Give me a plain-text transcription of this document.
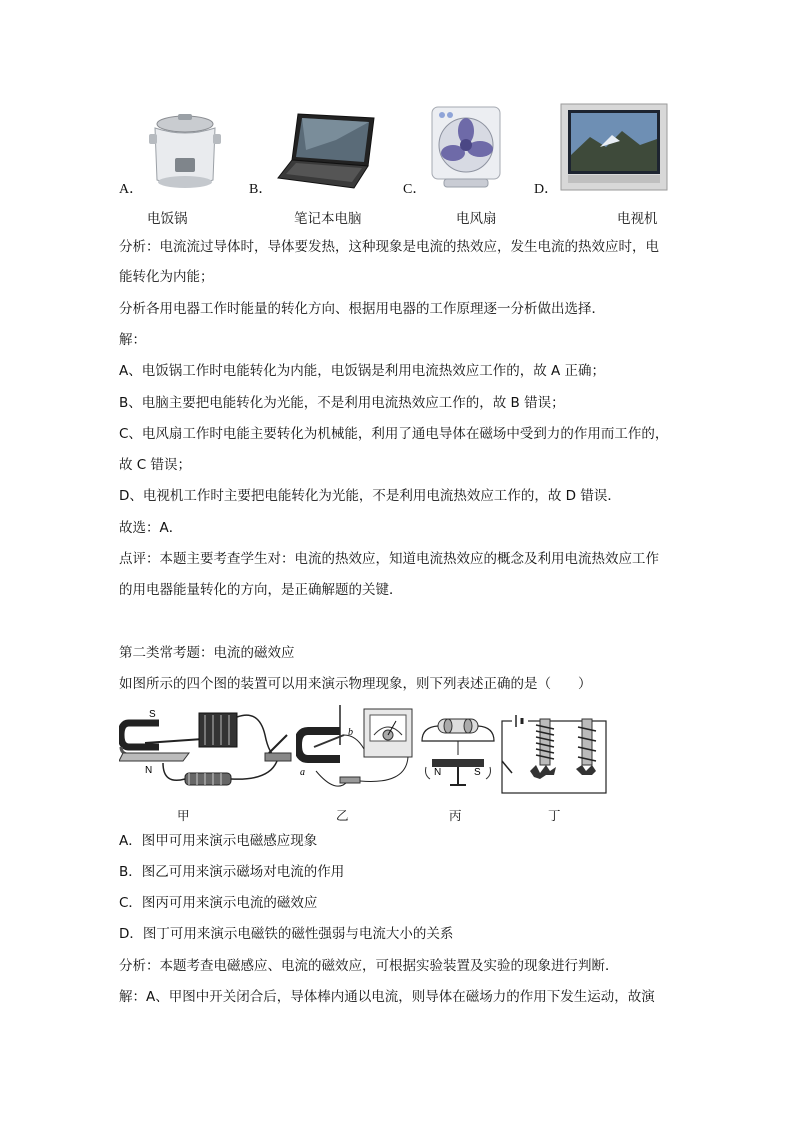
A．
电饭锅
B．
笔记本电脑
C．
电风扇
D．
电视机
分析：电流流过导体时，导体要发热，这种现象是电流的热效应，发生电流的热效应时，电
能转化为内能；
分析各用电器工作时能量的转化方向、根据用电器的工作原理逐一分析做出选择．
解：
A、电饭锅工作时电能转化为内能，电饭锅是利用电流热效应工作的，故 A 正确；
B、电脑主要把电能转化为光能，不是利用电流热效应工作的，故 B 错误；
C、电风扇工作时电能主要转化为机械能，利用了通电导体在磁场中受到力的作用而工作的，
故 C 错误；
D、电视机工作时主要把电能转化为光能，不是利用电流热效应工作的，故 D 错误．
故选：A．
点评：本题主要考查学生对：电流的热效应，知道电流热效应的概念及利用电流热效应工作
的用电器能量转化的方向，是正确解题的关键．
第二类常考题：电流的磁效应
如图所示的四个图的装置可以用来演示物理现象，则下列表述正确的是（　　）
S
N
b
a	N	S
甲	乙	丙	丁
A．图甲可用来演示电磁感应现象
B．图乙可用来演示磁场对电流的作用
C．图丙可用来演示电流的磁效应
D．图丁可用来演示电磁铁的磁性强弱与电流大小的关系
分析：本题考查电磁感应、电流的磁效应，可根据实验装置及实验的现象进行判断．
解：A、甲图中开关闭合后，导体棒内通以电流，则导体在磁场力的作用下发生运动，故演
